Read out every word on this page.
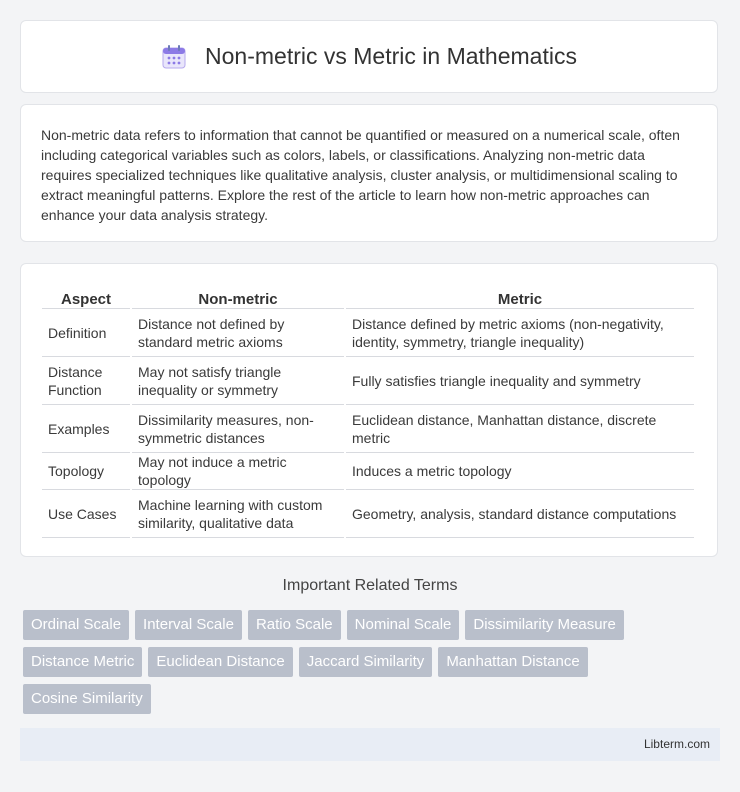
Non-metric vs Metric in Mathematics

Non-metric data refers to information that cannot be quantified or measured on a numerical scale, often including categorical variables such as colors, labels, or classifications. Analyzing non-metric data requires specialized techniques like qualitative analysis, cluster analysis, or multidimensional scaling to extract meaningful patterns. Explore the rest of the article to learn how non-metric approaches can enhance your data analysis strategy.

Aspect	Non-metric	Metric
Definition	Distance not defined by standard metric axioms	Distance defined by metric axioms (non-negativity, identity, symmetry, triangle inequality)
Distance Function	May not satisfy triangle inequality or symmetry	Fully satisfies triangle inequality and symmetry
Examples	Dissimilarity measures, non-symmetric distances	Euclidean distance, Manhattan distance, discrete metric
Topology	May not induce a metric topology	Induces a metric topology
Use Cases	Machine learning with custom similarity, qualitative data	Geometry, analysis, standard distance computations
Important Related Terms
Ordinal Scale	Interval Scale	Ratio Scale	Nominal Scale	Dissimilarity Measure
Distance Metric	Euclidean Distance	Jaccard Similarity	Manhattan Distance
Cosine Similarity
Libterm.com
